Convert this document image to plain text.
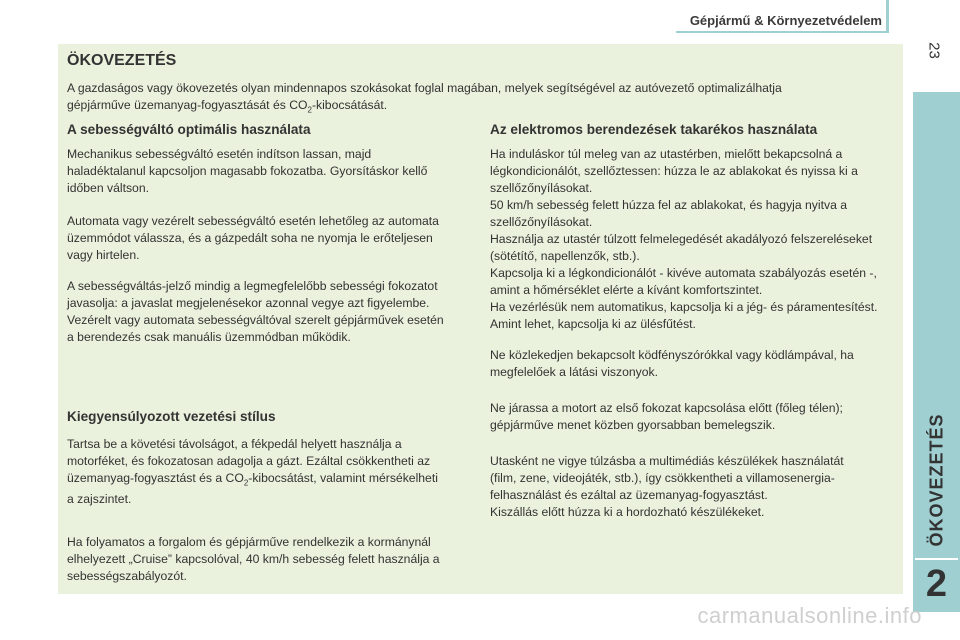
Gépjármű & Környezetvédelem
23
ÖKOVEZETÉS
2
ÖKOVEZETÉS
A gazdaságos vagy ökovezetés olyan mindennapos szokásokat foglal magában, melyek segítségével az autóvezető optimalizálhatja
gépjárműve üzemanyag-fogyasztását és $CO_2$-kibocsátását.
A sebességváltó optimális használata
Mechanikus sebességváltó esetén indítson lassan, majd
haladéktalanul kapcsoljon magasabb fokozatba. Gyorsításkor kellő
időben váltson.
Automata vagy vezérelt sebességváltó esetén lehetőleg az automata
üzemmódot válassza, és a gázpedált soha ne nyomja le erőteljesen
vagy hirtelen.
A sebességváltás-jelző mindig a legmegfelelőbb sebességi fokozatot
javasolja: a javaslat megjelenésekor azonnal vegye azt figyelembe.
Vezérelt vagy automata sebességváltóval szerelt gépjárművek esetén
a berendezés csak manuális üzemmódban működik.
Kiegyensúlyozott vezetési stílus
Tartsa be a követési távolságot, a fékpedál helyett használja a
motorféket, és fokozatosan adagolja a gázt. Ezáltal csökkentheti az
üzemanyag-fogyasztást és a $CO_2$-kibocsátást, valamint mérsékelheti
a zajszintet.
Ha folyamatos a forgalom és gépjárműve rendelkezik a kormánynál
elhelyezett „Cruise” kapcsolóval, 40 km/h sebesség felett használja a
sebességszabályozót.
Az elektromos berendezések takarékos használata
Ha induláskor túl meleg van az utastérben, mielőtt bekapcsolná a
légkondicionálót, szellőztessen: húzza le az ablakokat és nyissa ki a
szellőzőnyílásokat.
50 km/h sebesség felett húzza fel az ablakokat, és hagyja nyitva a
szellőzőnyílásokat.
Használja az utastér túlzott felmelegedését akadályozó felszereléseket
(sötétítő, napellenzők, stb.).
Kapcsolja ki a légkondicionálót - kivéve automata szabályozás esetén -,
amint a hőmérséklet elérte a kívánt komfortszintet.
Ha vezérlésük nem automatikus, kapcsolja ki a jég- és páramentesítést.
Amint lehet, kapcsolja ki az ülésfűtést.
Ne közlekedjen bekapcsolt ködfényszórókkal vagy ködlámpával, ha
megfelelőek a látási viszonyok.
Ne járassa a motort az első fokozat kapcsolása előtt (főleg télen);
gépjárműve menet közben gyorsabban bemelegszik.
Utasként ne vigye túlzásba a multimédiás készülékek használatát
(film, zene, videojáték, stb.), így csökkentheti a villamosenergia-
felhasználást és ezáltal az üzemanyag-fogyasztást.
Kiszállás előtt húzza ki a hordozható készülékeket.
carmanualsonline.info
